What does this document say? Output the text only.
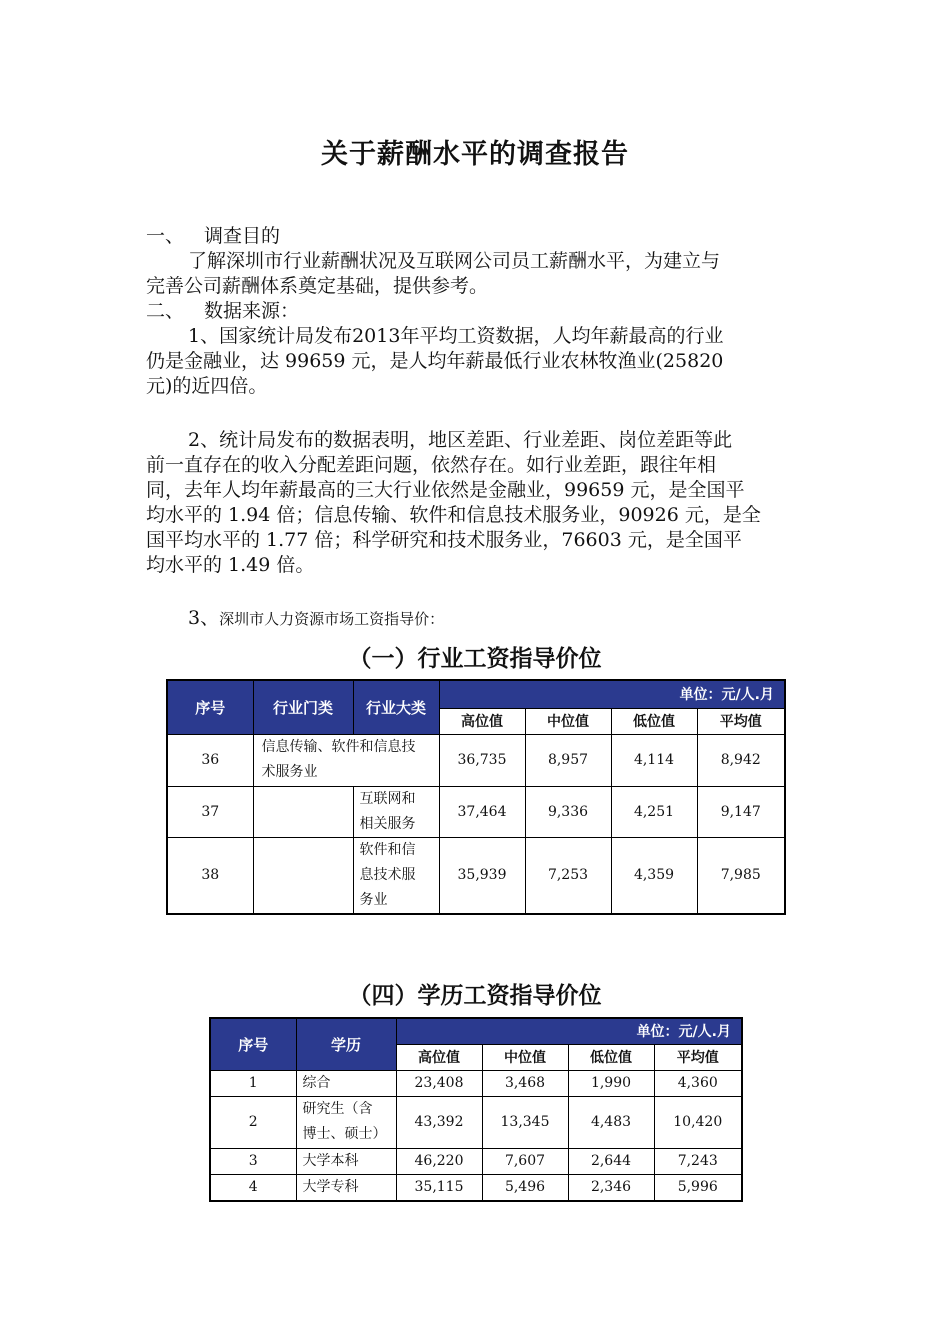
关于薪酬水平的调查报告
一、 调查目的
了解深圳市行业薪酬状况及互联网公司员工薪酬水平，为建立与
完善公司薪酬体系奠定基础，提供参考。
二、 数据来源：
1、国家统计局发布2013年平均工资数据，人均年薪最高的行业
仍是金融业，达 99659 元，是人均年薪最低行业农林牧渔业(25820
元)的近四倍。
2、统计局发布的数据表明，地区差距、行业差距、岗位差距等此
前一直存在的收入分配差距问题，依然存在。如行业差距，跟往年相
同，去年人均年薪最高的三大行业依然是金融业，99659 元，是全国平
均水平的 1.94 倍；信息传输、软件和信息技术服务业，90926 元，是全
国平均水平的 1.77 倍；科学研究和技术服务业，76603 元，是全国平
均水平的 1.49 倍。
3、深圳市人力资源市场工资指导价：
（一）行业工资指导价位
序号	行业门类	行业大类	单位：元/人.月			
			高位值	中位值	低位值	平均值
36	信息传输、软件和信息技
术服务业		36,735	8,957	4,114	8,942
37		互联网和
相关服务	37,464	9,336	4,251	9,147
38		软件和信
息技术服
务业	35,939	7,253	4,359	7,985
（四）学历工资指导价位
序号	学历	单位：元/人.月			
		高位值	中位值	低位值	平均值
1	综合	23,408	3,468	1,990	4,360
2	研究生（含
博士、硕士）	43,392	13,345	4,483	10,420
3	大学本科	46,220	7,607	2,644	7,243
4	大学专科	35,115	5,496	2,346	5,996
